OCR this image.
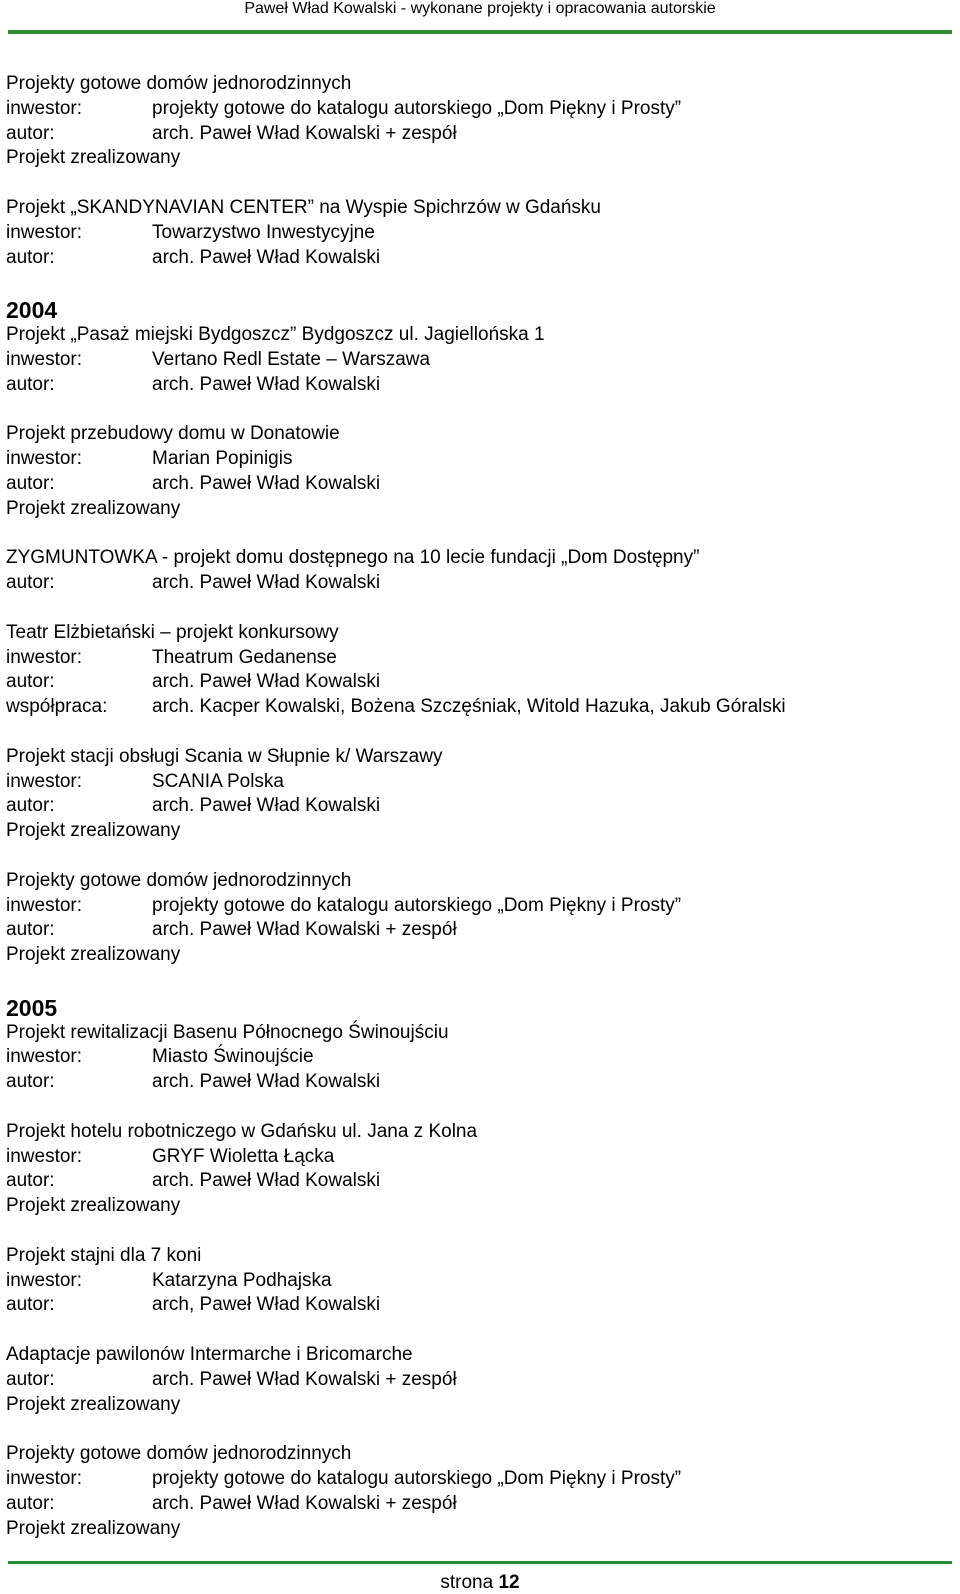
Paweł Wład Kowalski - wykonane projekty i opracowania autorskie
Projekty gotowe domów jednorodzinnych
inwestor:	projekty gotowe do katalogu autorskiego „Dom Piękny i Prosty”
autor:	arch. Paweł Wład Kowalski + zespół
Projekt zrealizowany
Projekt „SKANDYNAVIAN CENTER” na Wyspie Spichrzów w Gdańsku
inwestor:	Towarzystwo Inwestycyjne
autor:	arch. Paweł Wład Kowalski
2004
Projekt „Pasaż miejski Bydgoszcz” Bydgoszcz ul. Jagiellońska 1
inwestor:	Vertano Redl Estate – Warszawa
autor:	arch. Paweł Wład Kowalski
Projekt przebudowy domu w Donatowie
inwestor:	Marian Popinigis
autor:	arch. Paweł Wład Kowalski
Projekt zrealizowany
ZYGMUNTOWKA - projekt domu dostępnego na 10 lecie fundacji „Dom Dostępny”
autor:	arch. Paweł Wład Kowalski
Teatr Elżbietański – projekt konkursowy
inwestor:	Theatrum Gedanense
autor:	arch. Paweł Wład Kowalski
współpraca: arch. Kacper Kowalski, Bożena Szczęśniak, Witold Hazuka, Jakub Góralski
Projekt stacji obsługi Scania w Słupnie k/ Warszawy
inwestor:	SCANIA Polska
autor:	arch. Paweł Wład Kowalski
Projekt zrealizowany
Projekty gotowe domów jednorodzinnych
inwestor:	projekty gotowe do katalogu autorskiego „Dom Piękny i Prosty”
autor:	arch. Paweł Wład Kowalski + zespół
Projekt zrealizowany
2005
Projekt rewitalizacji Basenu Północnego Świnoujściu
inwestor:	Miasto Świnoujście
autor:	arch. Paweł Wład Kowalski
Projekt hotelu robotniczego w Gdańsku ul. Jana z Kolna
inwestor:	GRYF Wioletta Łącka
autor:	arch. Paweł Wład Kowalski
Projekt zrealizowany
Projekt stajni dla 7 koni
inwestor:	Katarzyna Podhajska
autor:	arch, Paweł Wład Kowalski
Adaptacje pawilonów Intermarche i Bricomarche
autor:	arch. Paweł Wład Kowalski + zespół
Projekt zrealizowany
Projekty gotowe domów jednorodzinnych
inwestor:	projekty gotowe do katalogu autorskiego „Dom Piękny i Prosty”
autor:	arch. Paweł Wład Kowalski + zespół
Projekt zrealizowany
strona 12
